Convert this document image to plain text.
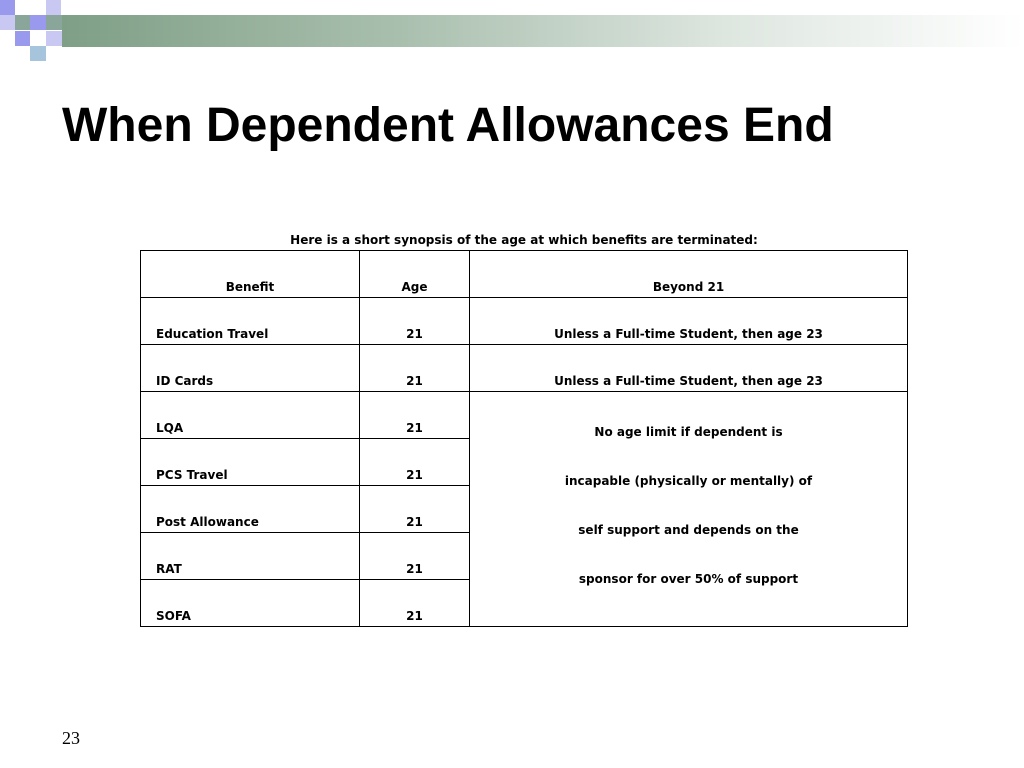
When Dependent Allowances End
Here is a short synopsis of the age at which benefits are terminated:
Benefit	Age	Beyond 21
Education Travel	21	Unless a Full-time Student, then age 23
ID Cards	21	Unless a Full-time Student, then age 23
LQA	21	No age limit if dependent is
incapable (physically or mentally) of
self support and depends on the
sponsor for over 50% of support

PCS Travel	21	
Post Allowance	21	
RAT	21	
SOFA	21	
23
